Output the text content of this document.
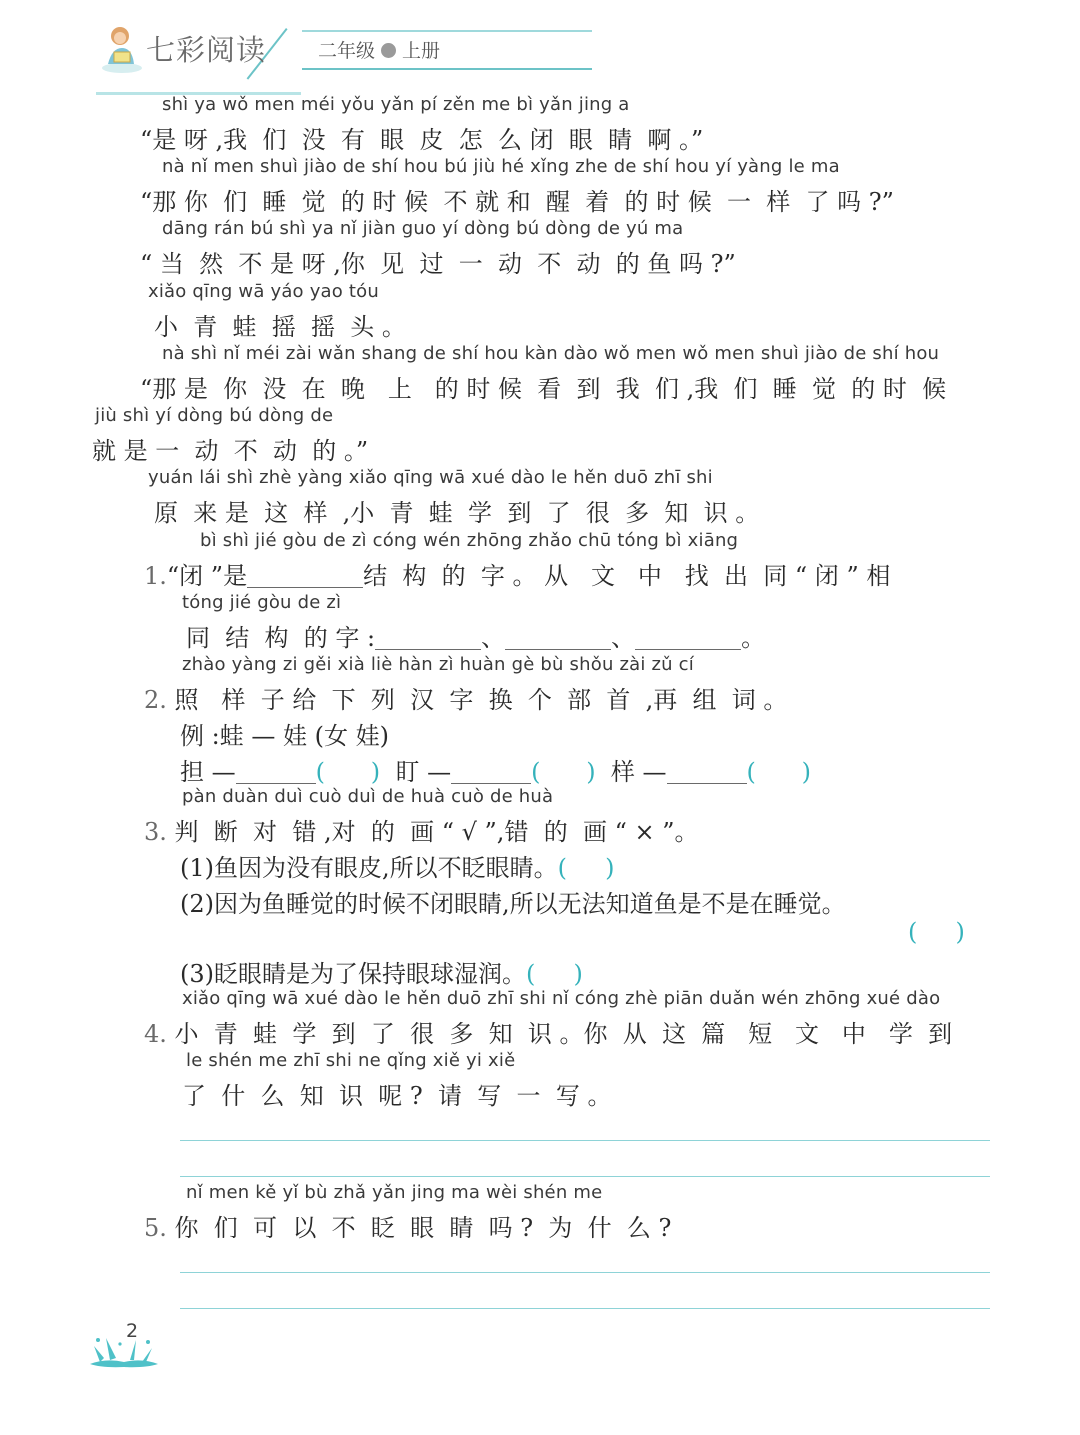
七彩阅读	二年级 上册
shì ya wǒ men méi yǒu yǎn pí zěn me bì yǎn jing a
“是 呀 ,我  们  没  有  眼  皮  怎  么 闭  眼  睛  啊 。”
nà nǐ men shuì jiào de shí hou bú jiù hé xǐng zhe de shí hou yí yàng le ma
“那 你  们  睡  觉  的 时 候  不 就 和  醒  着  的 时 候  一  样  了 吗 ?”
dāng rán bú shì ya nǐ jiàn guo yí dòng bú dòng de yú ma
“ 当  然  不 是 呀 ,你  见  过  一  动  不  动  的 鱼 吗 ?”
xiǎo qīng wā yáo yao tóu
小  青  蛙  摇  摇  头 。
nà shì nǐ méi zài wǎn shang de shí hou kàn dào wǒ men wǒ men shuì jiào de shí hou
“那 是  你  没  在  晚   上   的 时 候  看  到  我  们 ,我  们  睡  觉  的 时  候
jiù shì yí dòng bú dòng de
就 是 一  动  不  动  的 。”
yuán lái shì zhè yàng xiǎo qīng wā xué dào le hěn duō zhī shi
原  来 是  这  样  ,小  青  蛙  学  到  了  很  多  知  识 。
bì shì jié gòu de zì cóng wén zhōng zhǎo chū tóng bì xiāng
1.“闭 ”是	结  构  的  字 。 从   文   中   找  出  同 “ 闭 ” 相
tóng jié gòu de zì
同  结  构  的 字 :	、	、	。
zhào yàng zi gěi xià liè hàn zì huàn gè bù shǒu zài zǔ cí
2. 照   样  子 给  下  列  汉  字  换  个  部  首  ,再  组  词 。
例 :蛙 — 娃 (女 娃)
担 —	( ) 盯 —	( ) 样 —	( )
pàn duàn duì cuò duì de huà cuò de huà
3. 判  断  对  错 ,对  的  画 “ √ ”,错  的  画 “ × ”。
(1)鱼因为没有眼皮,所以不眨眼睛。(     )
(2)因为鱼睡觉的时候不闭眼睛,所以无法知道鱼是不是在睡觉。
(     )
(3)眨眼睛是为了保持眼球湿润。(     )
xiǎo qīng wā xué dào le hěn duō zhī shi nǐ cóng zhè piān duǎn wén zhōng xué dào
4. 小  青  蛙  学  到  了  很  多  知  识 。你  从  这  篇   短   文   中   学  到
le shén me zhī shi ne qǐng xiě yi xiě
了  什  么  知  识  呢 ?  请  写  一  写 。
nǐ men kě yǐ bù zhǎ yǎn jing ma wèi shén me
5. 你  们  可  以  不  眨  眼  睛  吗 ?  为  什  么 ?
2
